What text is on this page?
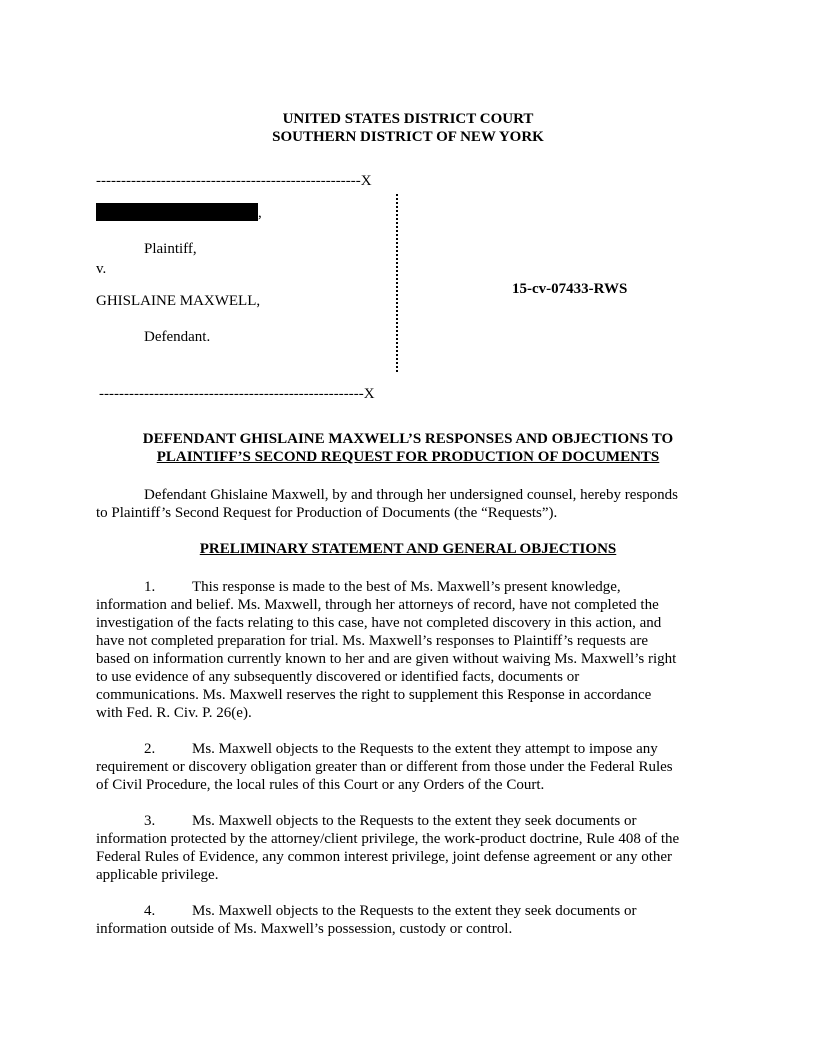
UNITED STATES DISTRICT COURT
SOUTHERN DISTRICT OF NEW YORK
-----------------------------------------------------X
,
Plaintiff,
v.
GHISLAINE MAXWELL,
Defendant.
15-cv-07433-RWS
-----------------------------------------------------X
DEFENDANT GHISLAINE MAXWELL’S RESPONSES AND OBJECTIONS TO
PLAINTIFF’S SECOND REQUEST FOR PRODUCTION OF DOCUMENTS
Defendant Ghislaine Maxwell, by and through her undersigned counsel, hereby responds
to Plaintiff’s Second Request for Production of Documents (the “Requests”).
PRELIMINARY STATEMENT AND GENERAL OBJECTIONS
1. This response is made to the best of Ms. Maxwell’s present knowledge,
information and belief. Ms. Maxwell, through her attorneys of record, have not completed the
investigation of the facts relating to this case, have not completed discovery in this action, and
have not completed preparation for trial. Ms. Maxwell’s responses to Plaintiff’s requests are
based on information currently known to her and are given without waiving Ms. Maxwell’s right
to use evidence of any subsequently discovered or identified facts, documents or
communications. Ms. Maxwell reserves the right to supplement this Response in accordance
with Fed. R. Civ. P. 26(e).
2. Ms. Maxwell objects to the Requests to the extent they attempt to impose any
requirement or discovery obligation greater than or different from those under the Federal Rules
of Civil Procedure, the local rules of this Court or any Orders of the Court.
3. Ms. Maxwell objects to the Requests to the extent they seek documents or
information protected by the attorney/client privilege, the work-product doctrine, Rule 408 of the
Federal Rules of Evidence, any common interest privilege, joint defense agreement or any other
applicable privilege.
4. Ms. Maxwell objects to the Requests to the extent they seek documents or
information outside of Ms. Maxwell’s possession, custody or control.
